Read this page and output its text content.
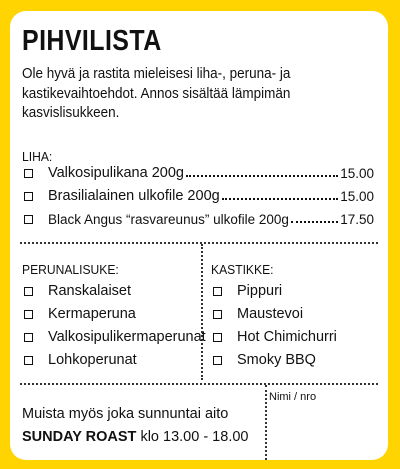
PIHVILISTA

Ole hyvä ja rastita mieleisesi liha-, peruna- ja kastikevaihtoehdot. Annos sisältää lämpimän kasvislisukkeen.

LIHA:

Valkosipulikana 200g	15.00
Brasilialainen ulkofile 200g	15.00
Black Angus “rasvareunus” ulkofile 200g	17.50

PERUNALISUKE:

Ranskalaiset
Kermaperuna
Valkosipulikermaperunat
Lohkoperunat

KASTIKKE:

Pippuri
Maustevoi
Hot Chimichurri
Smoky BBQ

Muista myös joka sunnuntai aito

SUNDAY ROAST klo 13.00 - 18.00

Nimi / nro
